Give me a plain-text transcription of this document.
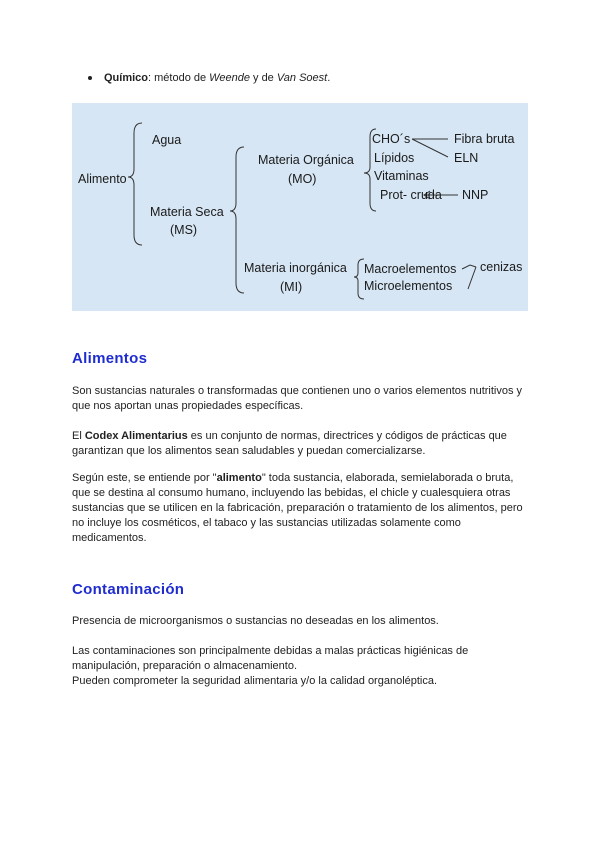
Químico: método de Weende y de Van Soest.
Alimento
Agua
Materia Seca
(MS)
Materia Orgánica
(MO)
Materia inorgánica
(MI)
CHO´s
Lípidos
Vitaminas
Prot- cruda
Fibra bruta
ELN
NNP
Macroelementos
Microelementos
cenizas
Alimentos
Son sustancias naturales o transformadas que contienen uno o varios elementos nutritivos y que nos aportan unas propiedades específicas.
El Codex Alimentarius es un conjunto de normas, directrices y códigos de prácticas que garantizan que los alimentos sean saludables y puedan comercializarse.
Según este, se entiende por "alimento" toda sustancia, elaborada, semielaborada o bruta, que se destina al consumo humano, incluyendo las bebidas, el chicle y cualesquiera otras sustancias que se utilicen en la fabricación, preparación o tratamiento de los alimentos, pero no incluye los cosméticos, el tabaco y las sustancias utilizadas solamente como medicamentos.
Contaminación
Presencia de microorganismos o sustancias no deseadas en los alimentos.
Las contaminaciones son principalmente debidas a malas prácticas higiénicas de manipulación, preparación o almacenamiento.
Pueden comprometer la seguridad alimentaria y/o la calidad organoléptica.
